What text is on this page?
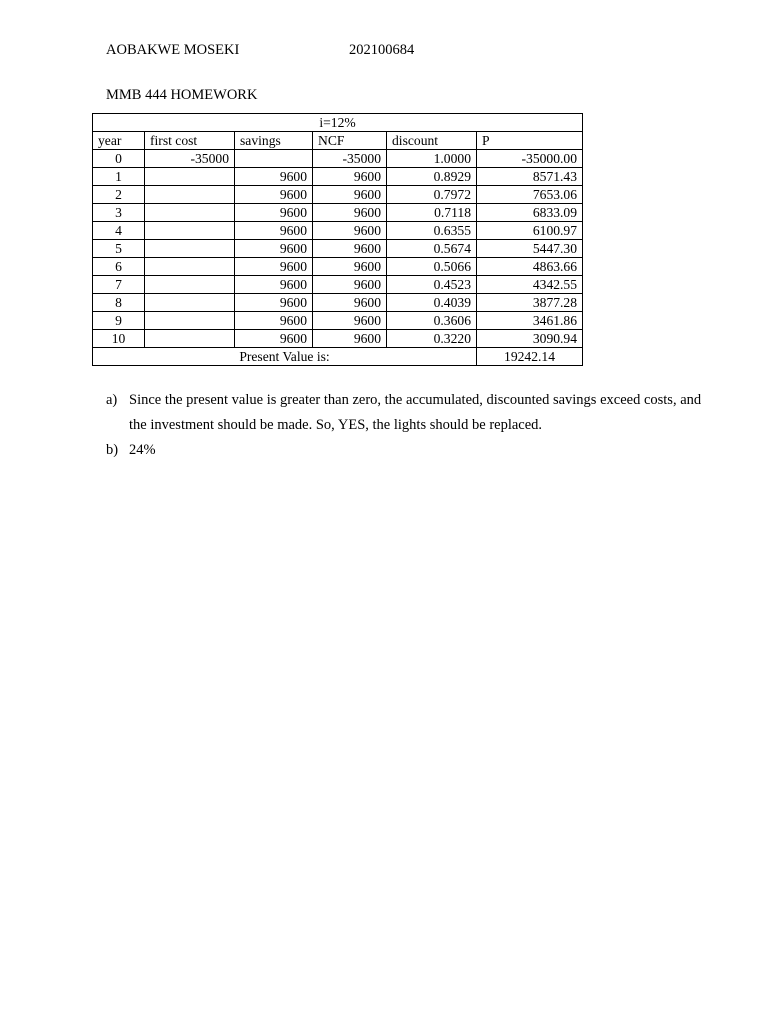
AOBAKWE MOSEKI	202100684
MMB 444 HOMEWORK
i=12%					
year	first cost	savings	NCF	discount	P
0	-35000		-35000	1.0000	-35000.00
1		9600	9600	0.8929	8571.43
2		9600	9600	0.7972	7653.06
3		9600	9600	0.7118	6833.09
4		9600	9600	0.6355	6100.97
5		9600	9600	0.5674	5447.30
6		9600	9600	0.5066	4863.66
7		9600	9600	0.4523	4342.55
8		9600	9600	0.4039	3877.28
9		9600	9600	0.3606	3461.86
10		9600	9600	0.3220	3090.94
Present Value is:					19242.14
a) Since the present value is greater than zero, the accumulated, discounted savings exceed costs, and the investment should be made. So, YES, the lights should be replaced.
b) 24%
